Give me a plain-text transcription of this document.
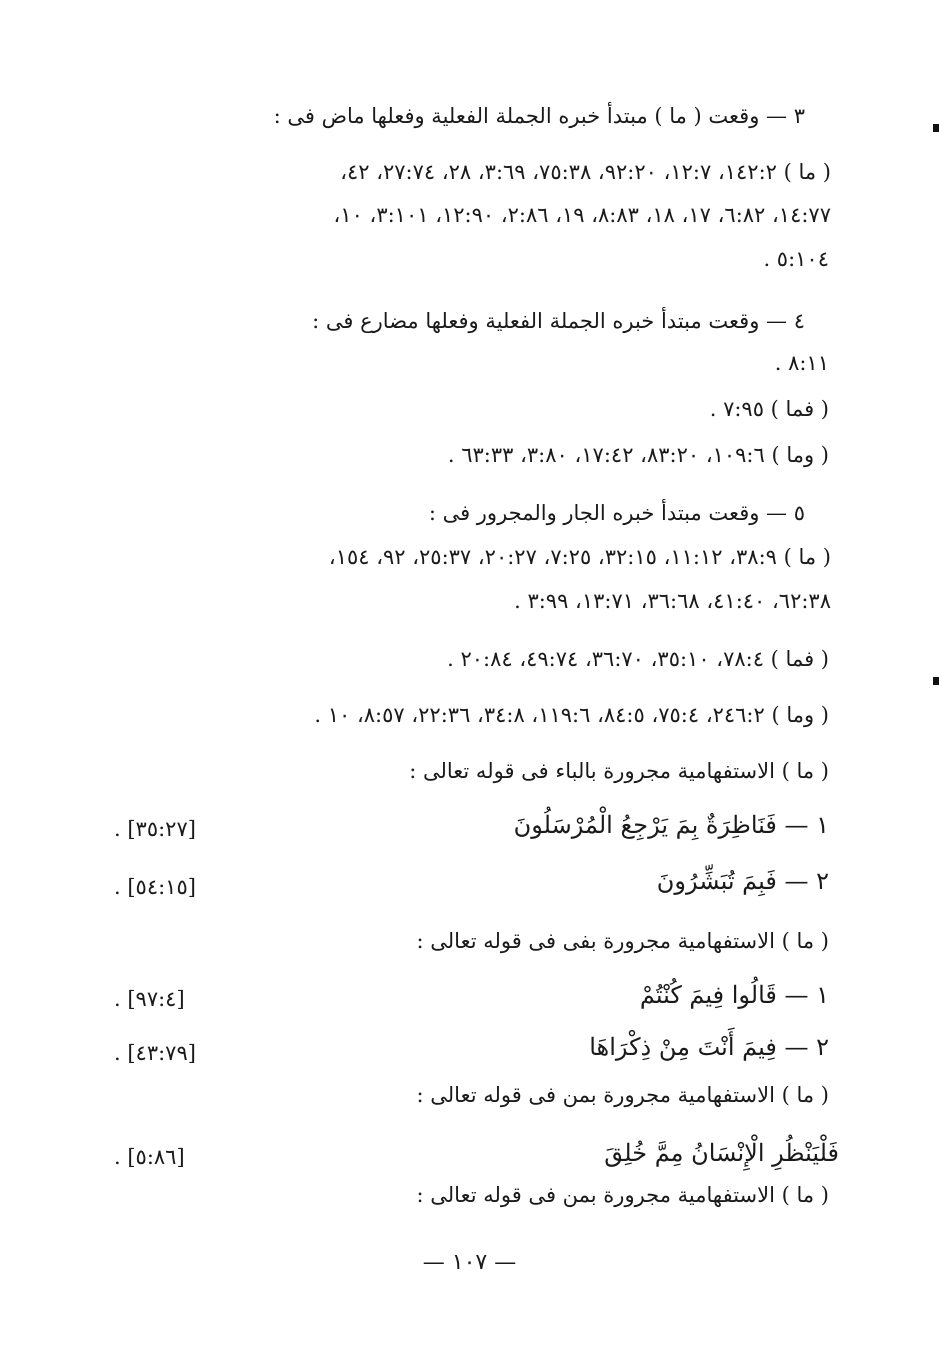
٣ — وقعت ( ما ) مبتدأ خبره الجملة الفعلية وفعلها ماض فى :
( ما ) ١٤٢:٢، ١٢:٧، ٩٢:٢٠، ٧٥:٣٨، ٣:٦٩، ٢٨، ٢٧:٧٤، ٤٢،
١٤:٧٧، ٦:٨٢، ١٧، ١٨، ٨:٨٣، ١٩، ٢:٨٦، ١٢:٩٠، ٣:١٠١، ١٠،
٥:١٠٤ .
٤ — وقعت مبتدأ خبره الجملة الفعلية وفعلها مضارع فى :
٨:١١ .
( فما ) ٧:٩٥ .
( وما ) ١٠٩:٦، ٨٣:٢٠، ١٧:٤٢، ٣:٨٠، ٦٣:٣٣ .
٥ — وقعت مبتدأ خبره الجار والمجرور فى :
( ما ) ٣٨:٩، ١١:١٢، ٣٢:١٥، ٧:٢٥، ٢٠:٢٧، ٢٥:٣٧، ٩٢، ١٥٤،
٦٢:٣٨، ٤١:٤٠، ٣٦:٦٨، ١٣:٧١، ٣:٩٩ .
( فما ) ٧٨:٤، ٣٥:١٠، ٣٦:٧٠، ٤٩:٧٤، ٢٠:٨٤ .
( وما ) ٢٤٦:٢، ٧٥:٤، ٨٤:٥، ١١٩:٦، ٣٤:٨، ٢٢:٣٦، ٨:٥٧، ١٠ .
( ما ) الاستفهامية مجرورة بالباء فى قوله تعالى :
١ — فَنَاظِرَةٌ بِمَ يَرْجِعُ الْمُرْسَلُونَ
[٣٥:٢٧] .
٢ — فَبِمَ تُبَشِّرُونَ
[٥٤:١٥] .
( ما ) الاستفهامية مجرورة بفى فى قوله تعالى :
١ — قَالُوا فِيمَ كُنْتُمْ
[٩٧:٤] .
٢ — فِيمَ أَنْتَ مِنْ ذِكْرَاهَا
[٤٣:٧٩] .
( ما ) الاستفهامية مجرورة بمن فى قوله تعالى :
فَلْيَنْظُرِ الْإِنْسَانُ مِمَّ خُلِقَ
[٥:٨٦] .
( ما ) الاستفهامية مجرورة بمن فى قوله تعالى :
— ١٠٧ —
